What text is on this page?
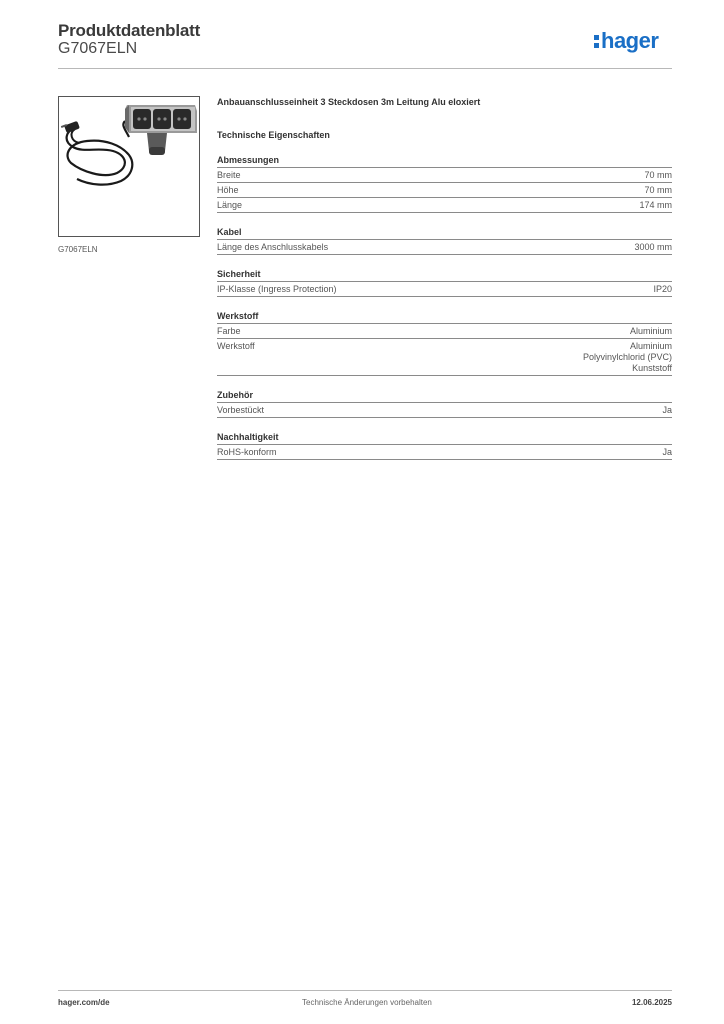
Produktdatenblatt
G7067ELN	hager
G7067ELN
Anbauanschlusseinheit 3 Steckdosen 3m Leitung Alu eloxiert
Technische Eigenschaften
Abmessungen
Breite	70 mm
Höhe	70 mm
Länge	174 mm
Kabel
Länge des Anschlusskabels	3000 mm
Sicherheit
IP-Klasse (Ingress Protection)	IP20
Werkstoff
Farbe	Aluminium
Werkstoff	Aluminium
Polyvinylchlorid (PVC)
Kunststoff
Zubehör
Vorbestückt	Ja
Nachhaltigkeit
RoHS-konform	Ja
hager.com/de	Technische Änderungen vorbehalten	12.06.2025
